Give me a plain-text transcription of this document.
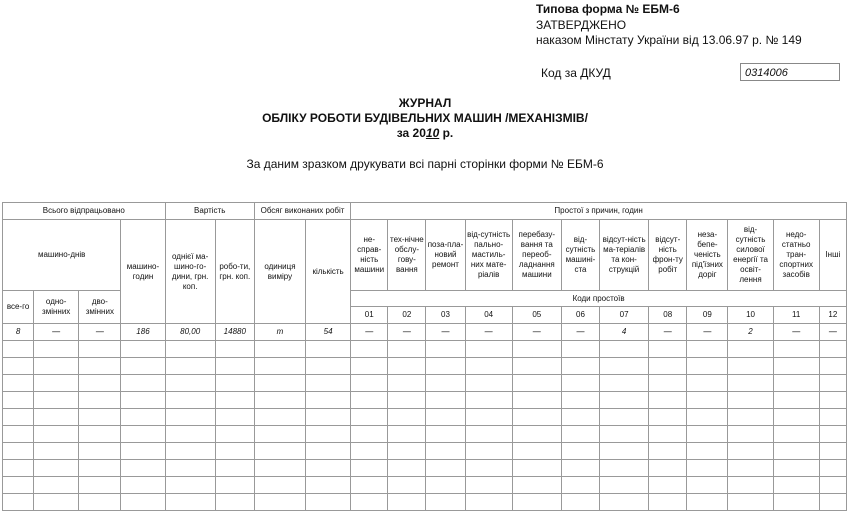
Типова форма № ЕБМ-6
ЗАТВЕРДЖЕНО
наказом Мінстату України від 13.06.97 р. № 149
Код за ДКУД	0314006
ЖУРНАЛ
ОБЛІКУ РОБОТИ БУДІВЕЛЬНИХ МАШИН /МЕХАНІЗМІВ/
за 2010 р.
За даним зразком друкувати всі парні сторінки форми № ЕБМ-6
Всього відпрацьовано				Вартість		Обсяг виконаних робіт		Простої з причин, годин											
машино-днів			машино-годин	однієї ма-шино-го-дини, грн. коп.	робо-ти, грн. коп.	одиниця виміру	кількість	не-справ-ність машини	тех-нічне обслу-гову-вання	поза-пла-новий ремонт	від-сутність пально-мастиль-них мате-ріалів	перебазу-вання та переоб-ладнання машини	від-сутність машині-ста	відсут-ність ма-теріалів та кон-струкцій	відсут-ність фрон-ту робіт	неза-бепе-ченість під'їзних доріг	від-сутність силової енергії та освіт-лення	недо-статньо тран-спортних засобів	Інші
все-го	одно-змінних	дво-змінних						Коди простоїв											
								01	02	03	04	05	06	07	08	09	10	11	12
8	—	—	186	80,00	14880	m	54	—	—	—	—	—	—	4	—	—	2	—	—
